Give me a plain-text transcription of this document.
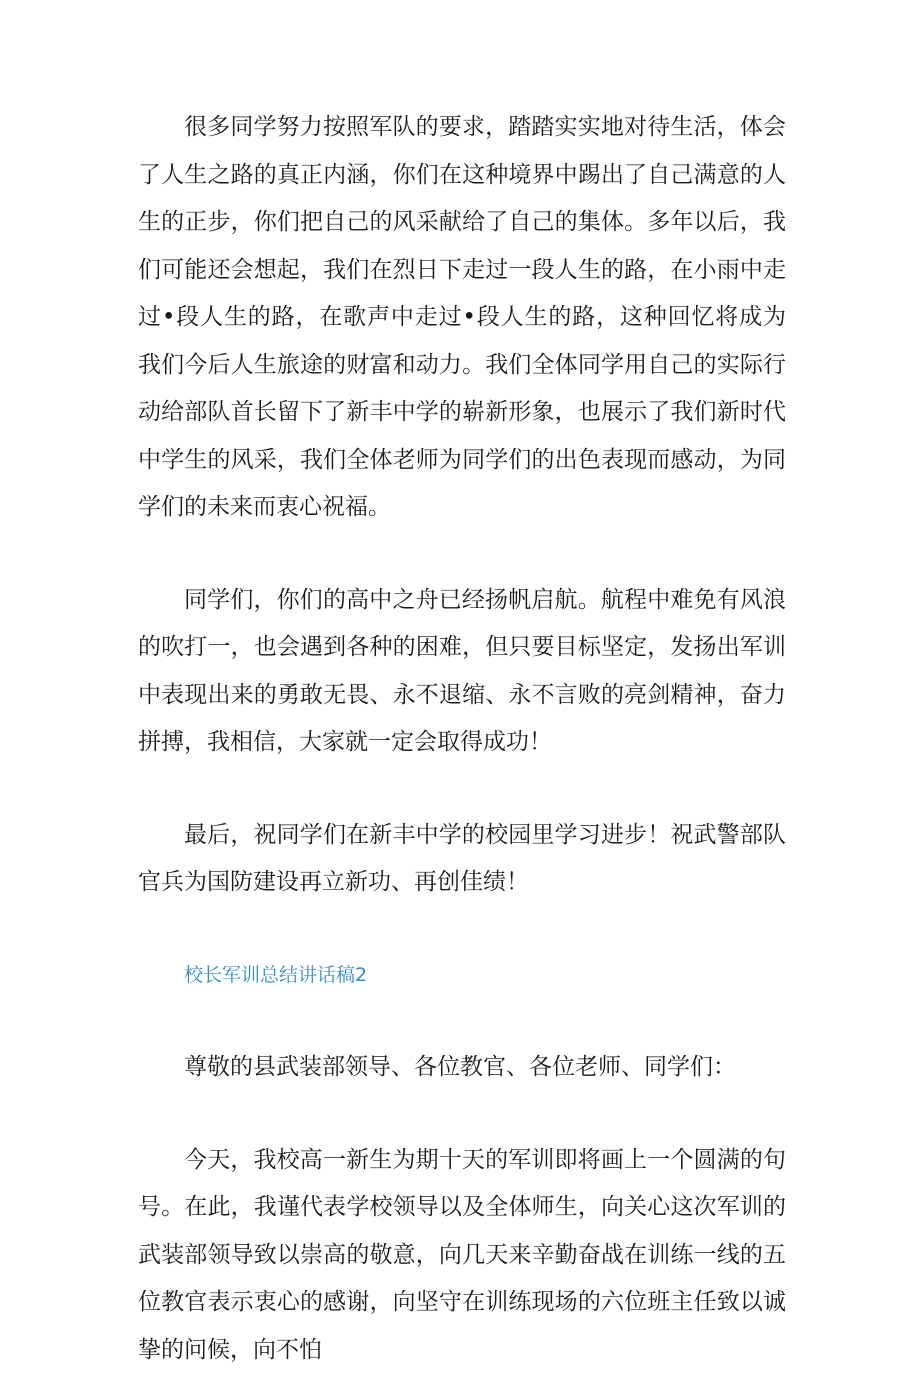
很多同学努力按照军队的要求，踏踏实实地对待生活，体会了人生之路的真正内涵，你们在这种境界中踢出了自己满意的人生的正步，你们把自己的风采献给了自己的集体。多年以后，我们可能还会想起，我们在烈日下走过一段人生的路，在小雨中走过•段人生的路，在歌声中走过•段人生的路，这种回忆将成为我们今后人生旅途的财富和动力。我们全体同学用自己的实际行动给部队首长留下了新丰中学的崭新形象，也展示了我们新时代中学生的风采，我们全体老师为同学们的出色表现而感动，为同学们的未来而衷心祝福。

同学们，你们的高中之舟已经扬帆启航。航程中难免有风浪的吹打一，也会遇到各种的困难，但只要目标坚定，发扬出军训中表现出来的勇敢无畏、永不退缩、永不言败的亮剑精神，奋力拼搏，我相信，大家就一定会取得成功！

最后，祝同学们在新丰中学的校园里学习进步！祝武警部队官兵为国防建设再立新功、再创佳绩！

校长军训总结讲话稿2

尊敬的县武装部领导、各位教官、各位老师、同学们：

今天，我校高一新生为期十天的军训即将画上一个圆满的句号。在此，我谨代表学校领导以及全体师生，向关心这次军训的武装部领导致以崇高的敬意，向几天来辛勤奋战在训练一线的五位教官表示衷心的感谢，向坚守在训练现场的六位班主任致以诚挚的问候，向不怕
